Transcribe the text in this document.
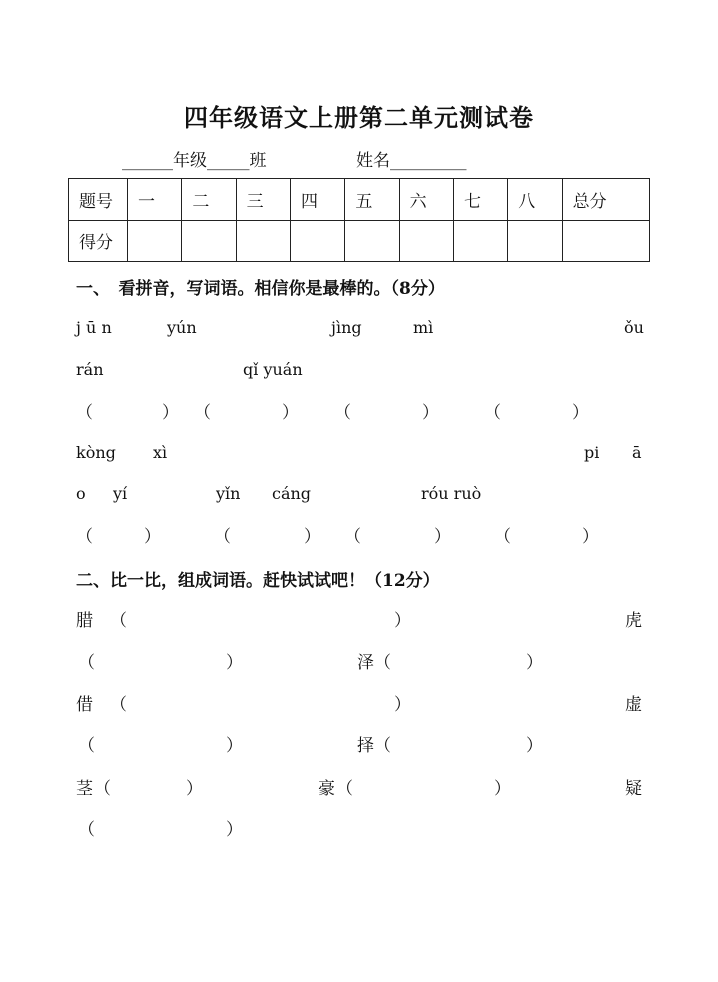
四年级语文上册第二单元测试卷
______年级_____班	姓名_________
题号	一	二	三	四	五	六	七	八	总分
得分									
一、　看拼音，写词语。相信你是最棒的。（8分）
j ū n	yún	jìng	mì	ǒu
rán	qǐ yuán
（	） （	） （	）	（	）
kòng xì	pi ā
o yí	yǐn cáng	róu ruò
（	）	（	） （	）	（	）
二、比一比，组成词语。赶快试试吧！（12分）
腊 （	）	虎
（	）	泽 （	）
借 （	）	虚
（	）	择 （	）
茎 （	）	豪 （	）	疑
（	）
